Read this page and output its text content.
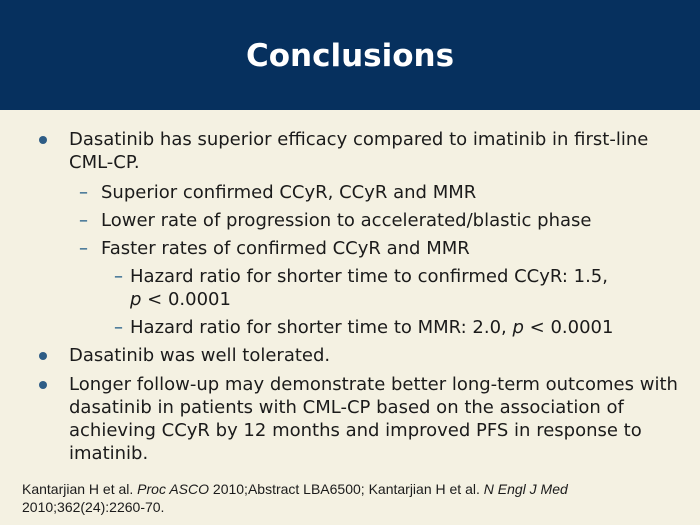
Conclusions
Dasatinib has superior efficacy compared to imatinib in first-line CML-CP.
– Superior confirmed CCyR, CCyR and MMR
– Lower rate of progression to accelerated/blastic phase
– Faster rates of confirmed CCyR and MMR
– Hazard ratio for shorter time to confirmed CCyR: 1.5,
p < 0.0001
– Hazard ratio for shorter time to MMR: 2.0, p < 0.0001
Dasatinib was well tolerated.
Longer follow-up may demonstrate better long-term outcomes with dasatinib in patients with CML-CP based on the association of achieving CCyR by 12 months and improved PFS in response to imatinib.
Kantarjian H et al. Proc ASCO 2010;Abstract LBA6500; Kantarjian H et al. N Engl J Med 2010;362(24):2260-70.
